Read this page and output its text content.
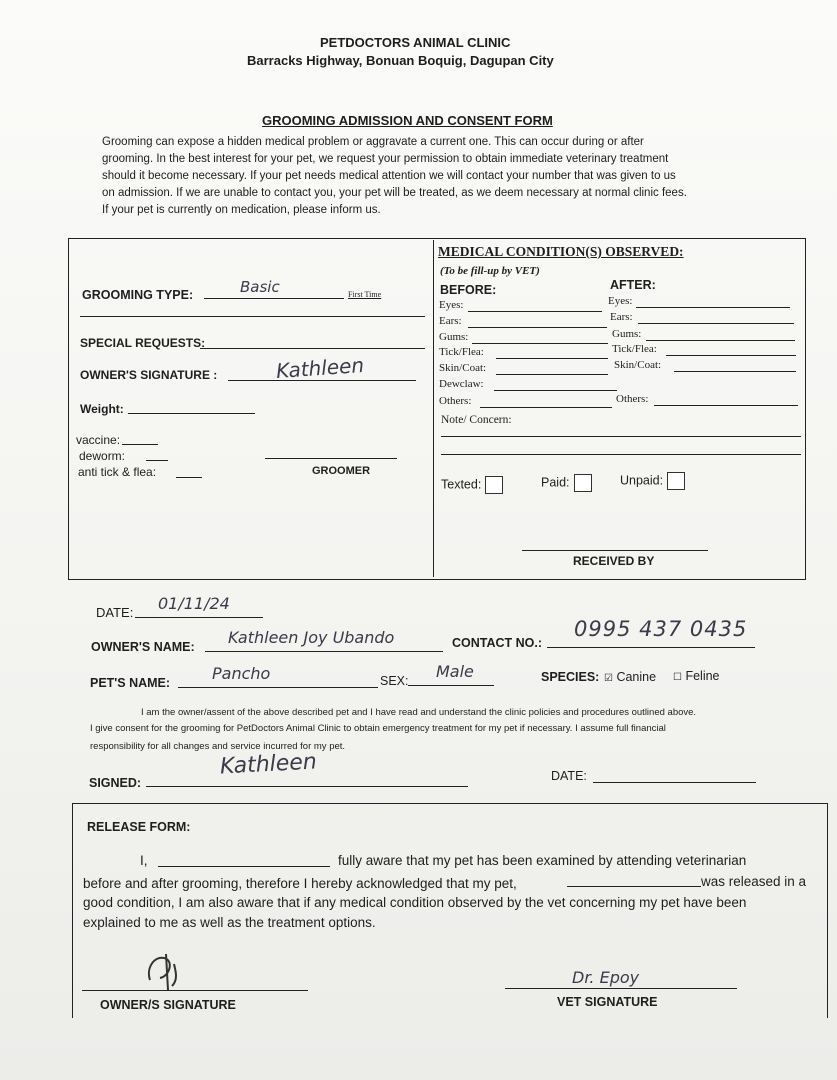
PETDOCTORS ANIMAL CLINIC
Barracks Highway, Bonuan Boquig, Dagupan City
GROOMING ADMISSION AND CONSENT FORM
Grooming can expose a hidden medical problem or aggravate a current one. This can occur during or after
grooming. In the best interest for your pet, we request your permission to obtain immediate veterinary treatment
should it become necessary. If your pet needs medical attention we will contact your number that was given to us
on admission. If we are unable to contact you, your pet will be treated, as we deem necessary at normal clinic fees.
If your pet is currently on medication, please inform us.
GROOMING TYPE:	Basic	First Time
SPECIAL REQUESTS:
OWNER'S SIGNATURE :	Kathleen
Weight:
vaccine:
deworm:
anti tick & flea:	GROOMER
MEDICAL CONDITION(S) OBSERVED:
(To be fill-up by VET)
BEFORE:	AFTER:
Eyes:
Ears:
Gums:
Tick/Flea:
Skin/Coat:
Dewclaw:
Others:
Eyes:
Ears:
Gums:
Tick/Flea:
Skin/Coat:
Others:
Note/ Concern:
Texted:	Paid:	Unpaid:
RECEIVED BY
DATE: 01/11/24
OWNER'S NAME: Kathleen Joy Ubando	CONTACT NO.:
0995 437 0435
PET'S NAME:	Pancho	SEX: Male	SPECIES: ☑ Canine ☐ Feline
I am the owner/assent of the above described pet and I have read and understand the clinic policies and procedures outlined above.
I give consent for the grooming for PetDoctors Animal Clinic to obtain emergency treatment for my pet if necessary. I assume full financial
responsibility for all changes and service incurred for my pet.
SIGNED:
Kathleen	DATE:
RELEASE FORM:
I,	fully aware that my pet has been examined by attending veterinarian
before and after grooming, therefore I hereby acknowledged that my pet,	was released in a
good condition, I am also aware that if any medical condition observed by the vet concerning my pet have been
explained to me as well as the treatment options.
OWNER/S SIGNATURE
Dr. Epoy
VET SIGNATURE
